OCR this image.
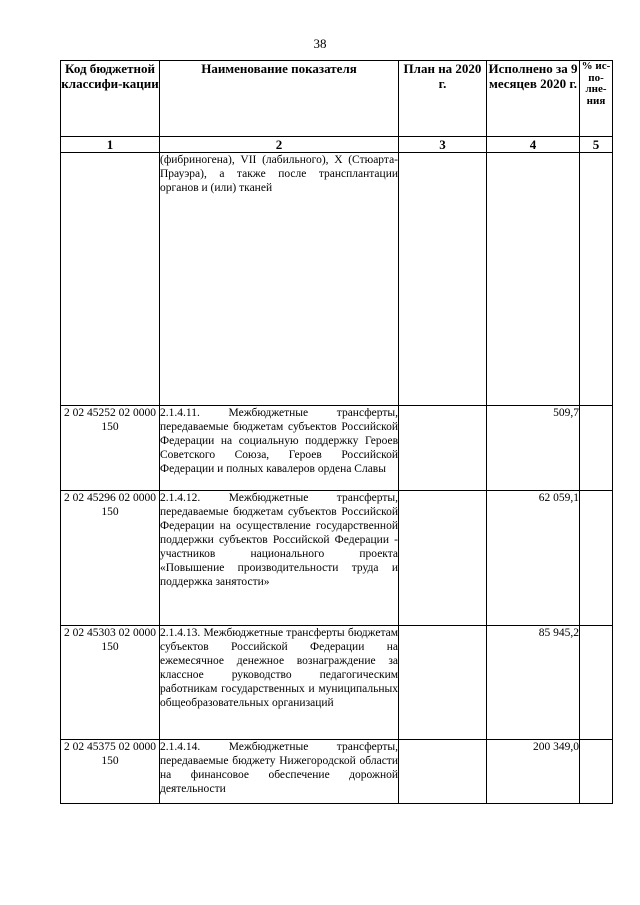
38
Код бюджетной классифи-кации	Наименование показателя	План на 2020 г.	Исполнено за 9 месяцев 2020 г.	% ис-по-лне-ния
1	2	3	4	5
	(фибриногена), VII (лабильного), X (Стюарта-Прауэра), а также после трансплантации органов и (или) тканей			
2 02 45252 02 0000 150	2.1.4.11. Межбюджетные трансферты, передаваемые бюджетам субъектов Российской Федерации на социальную поддержку Героев Советского Союза, Героев Российской Федерации и полных кавалеров ордена Славы		509,7	
2 02 45296 02 0000 150	2.1.4.12. Межбюджетные трансферты, передаваемые бюджетам субъектов Российской Федерации на осуществление государственной поддержки субъектов Российской Федерации - участников национального проекта «Повышение производительности труда и поддержка занятости»		62 059,1	
2 02 45303 02 0000 150	2.1.4.13. Межбюджетные трансферты бюджетам субъектов Российской Федерации на ежемесячное денежное вознаграждение за классное руководство педагогическим работникам государственных и муниципальных общеобразовательных организаций		85 945,2	
2 02 45375 02 0000 150	2.1.4.14. Межбюджетные трансферты, передаваемые бюджету Нижегородской области на финансовое обеспечение дорожной деятельности		200 349,0	
